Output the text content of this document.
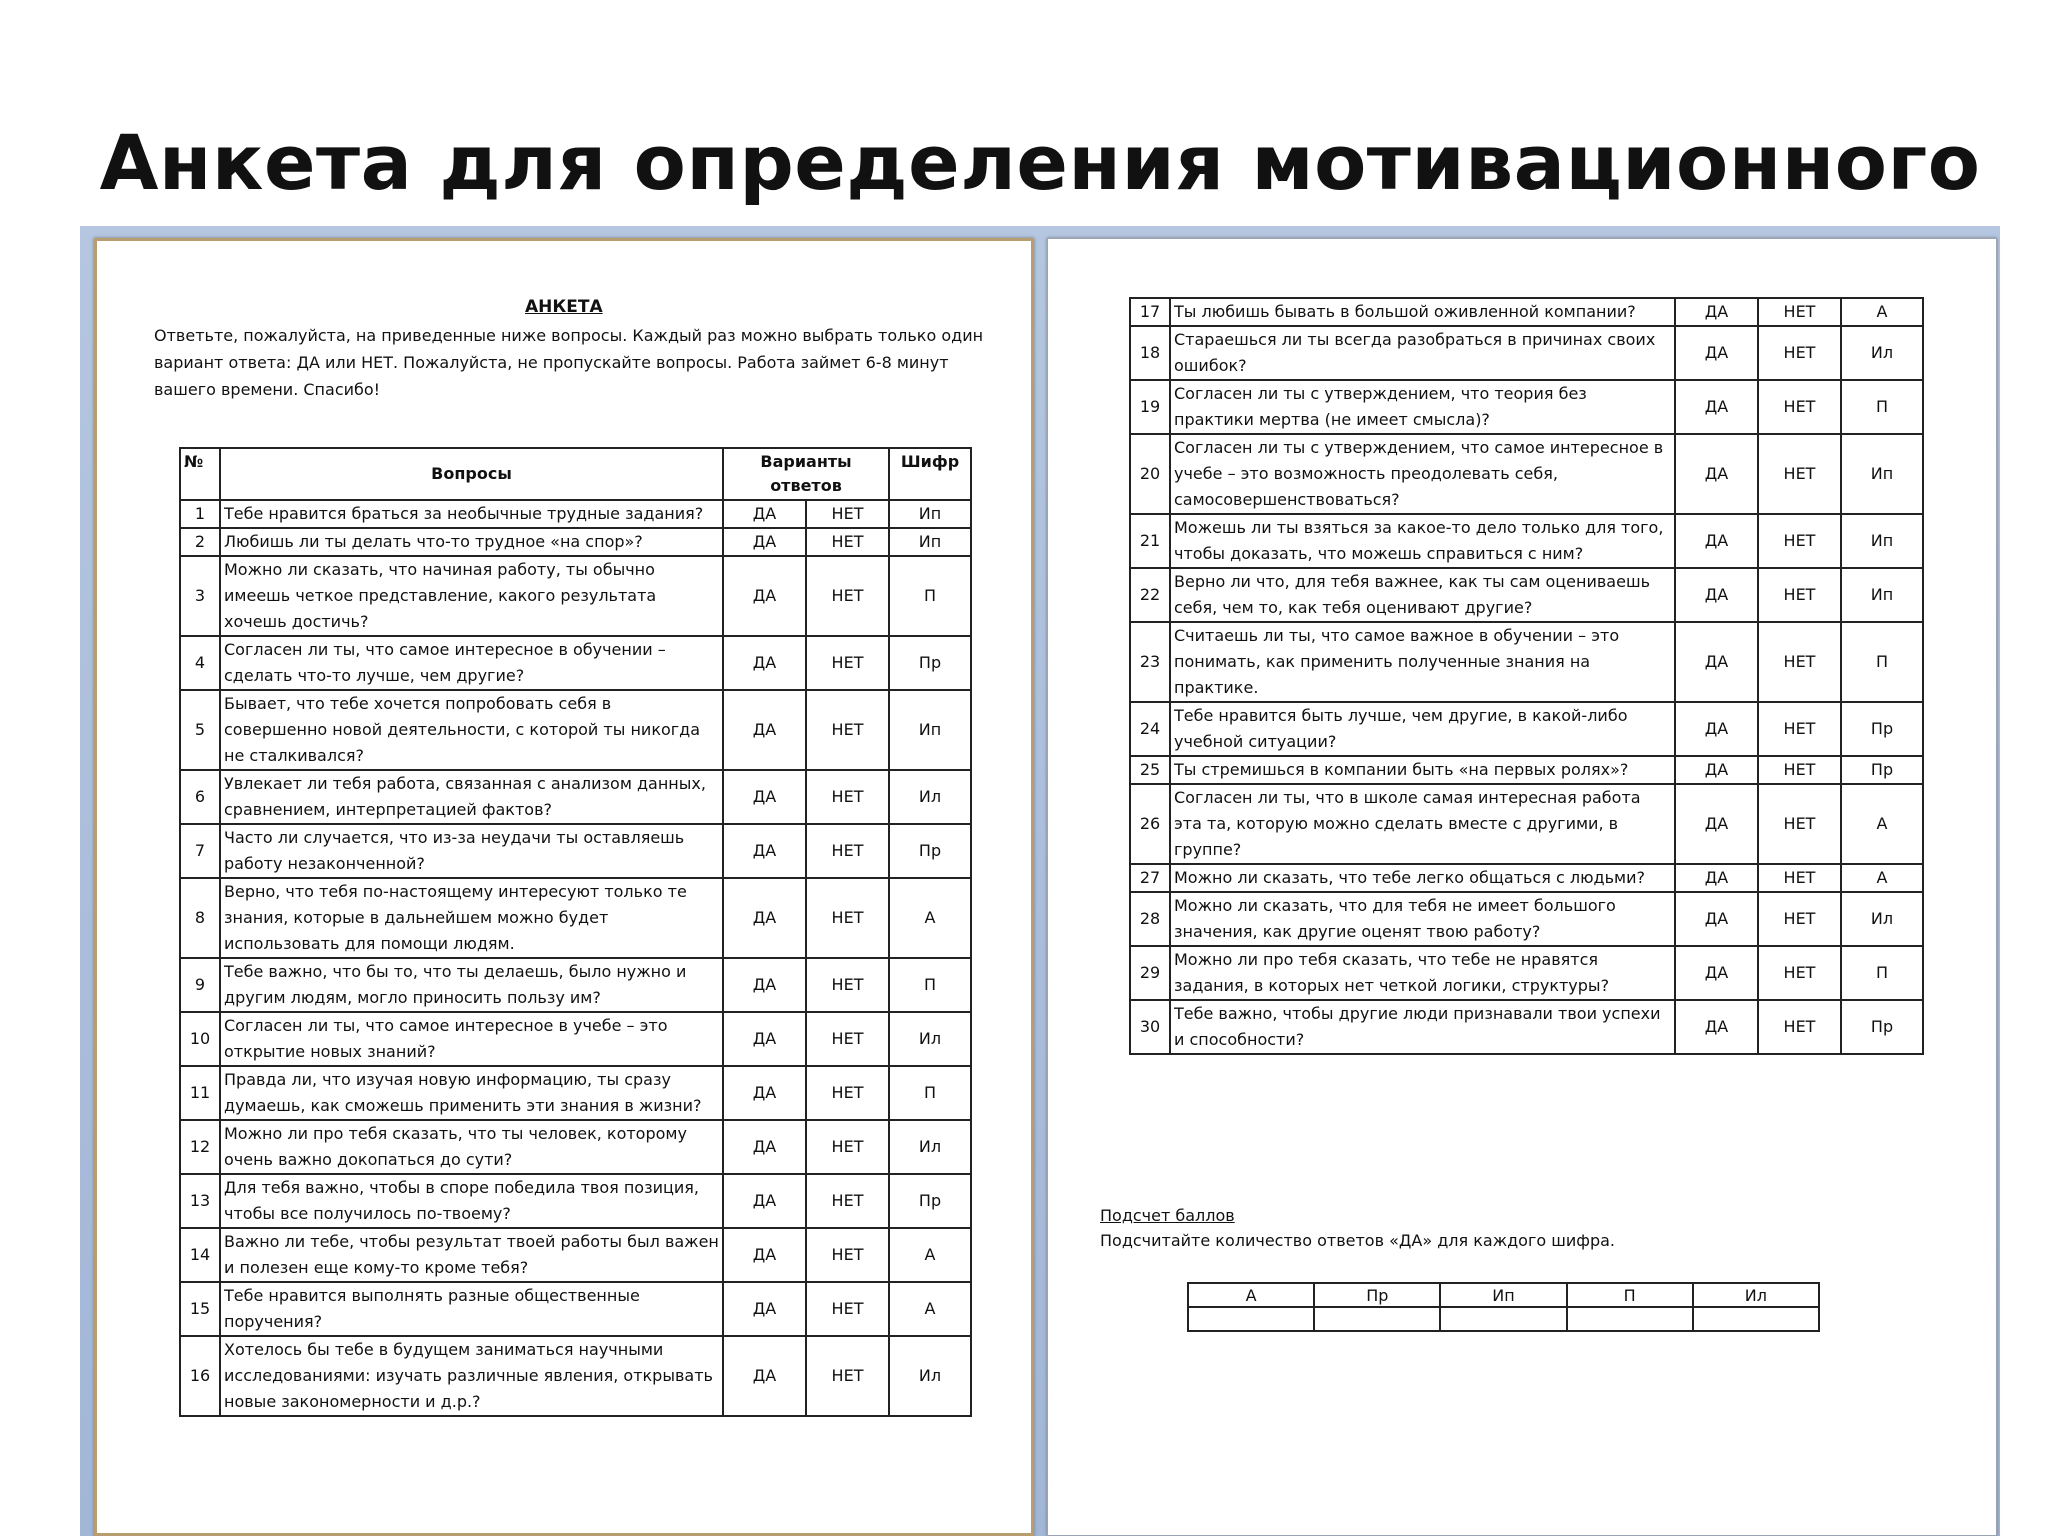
Анкета для определения мотивационного
АНКЕТА
Ответьте, пожалуйста, на приведенные ниже вопросы. Каждый раз можно выбрать только один вариант ответа: ДА или НЕТ. Пожалуйста, не пропускайте вопросы. Работа займет 6-8 минут вашего времени. Спасибо!
№	Вопросы	Варианты ответов		Шифр
1	Тебе нравится браться за необычные трудные задания?	ДА	НЕТ	Ип
2	Любишь ли ты делать что-то трудное «на спор»?	ДА	НЕТ	Ип
3	Можно ли сказать, что начиная работу, ты обычно имеешь четкое представление, какого результата хочешь достичь?	ДА	НЕТ	П
4	Согласен ли ты, что самое интересное в обучении – сделать что-то лучше, чем другие?	ДА	НЕТ	Пр
5	Бывает, что тебе хочется попробовать себя в совершенно новой деятельности, с которой ты никогда не сталкивался?	ДА	НЕТ	Ип
6	Увлекает ли тебя работа, связанная с анализом данных, сравнением, интерпретацией фактов?	ДА	НЕТ	Ил
7	Часто ли случается, что из-за неудачи ты оставляешь работу незаконченной?	ДА	НЕТ	Пр
8	Верно, что тебя по-настоящему интересуют только те знания, которые в дальнейшем можно будет использовать для помощи людям.	ДА	НЕТ	А
9	Тебе важно, что бы то, что ты делаешь, было нужно и другим людям, могло приносить пользу им?	ДА	НЕТ	П
10	Согласен ли ты, что самое интересное в учебе – это открытие новых знаний?	ДА	НЕТ	Ил
11	Правда ли, что изучая новую информацию, ты сразу думаешь, как сможешь применить эти знания в жизни?	ДА	НЕТ	П
12	Можно ли про тебя сказать, что ты человек, которому очень важно докопаться до сути?	ДА	НЕТ	Ил
13	Для тебя важно, чтобы в споре победила твоя позиция, чтобы все получилось по-твоему?	ДА	НЕТ	Пр
14	Важно ли тебе, чтобы результат твоей работы был важен и полезен еще кому-то кроме тебя?	ДА	НЕТ	А
15	Тебе нравится выполнять разные общественные поручения?	ДА	НЕТ	А
16	Хотелось бы тебе в будущем заниматься научными исследованиями: изучать различные явления, открывать новые закономерности и д.р.?	ДА	НЕТ	Ил
17	Ты любишь бывать в большой оживленной компании?	ДА	НЕТ	А
18	Стараешься ли ты всегда разобраться в причинах своих ошибок?	ДА	НЕТ	Ил
19	Согласен ли ты с утверждением, что теория без практики мертва (не имеет смысла)?	ДА	НЕТ	П
20	Согласен ли ты с утверждением, что самое интересное в учебе – это возможность преодолевать себя, самосовершенствоваться?	ДА	НЕТ	Ип
21	Можешь ли ты взяться за какое-то дело только для того, чтобы доказать, что можешь справиться с ним?	ДА	НЕТ	Ип
22	Верно ли что, для тебя важнее, как ты сам оцениваешь себя, чем то, как тебя оценивают другие?	ДА	НЕТ	Ип
23	Считаешь ли ты, что самое важное в обучении – это понимать, как применить полученные знания на практике.	ДА	НЕТ	П
24	Тебе нравится быть лучше, чем другие, в какой-либо учебной ситуации?	ДА	НЕТ	Пр
25	Ты стремишься в компании быть «на первых ролях»?	ДА	НЕТ	Пр
26	Согласен ли ты, что в школе самая интересная работа эта та, которую можно сделать вместе с другими, в группе?	ДА	НЕТ	А
27	Можно ли сказать, что тебе легко общаться с людьми?	ДА	НЕТ	А
28	Можно ли сказать, что для тебя не имеет большого значения, как другие оценят твою работу?	ДА	НЕТ	Ил
29	Можно ли про тебя сказать, что тебе не нравятся задания, в которых нет четкой логики, структуры?	ДА	НЕТ	П
30	Тебе важно, чтобы другие люди признавали твои успехи и способности?	ДА	НЕТ	Пр
Подсчет баллов
Подсчитайте количество ответов «ДА» для каждого шифра.
А	Пр	Ип	П	Ил
